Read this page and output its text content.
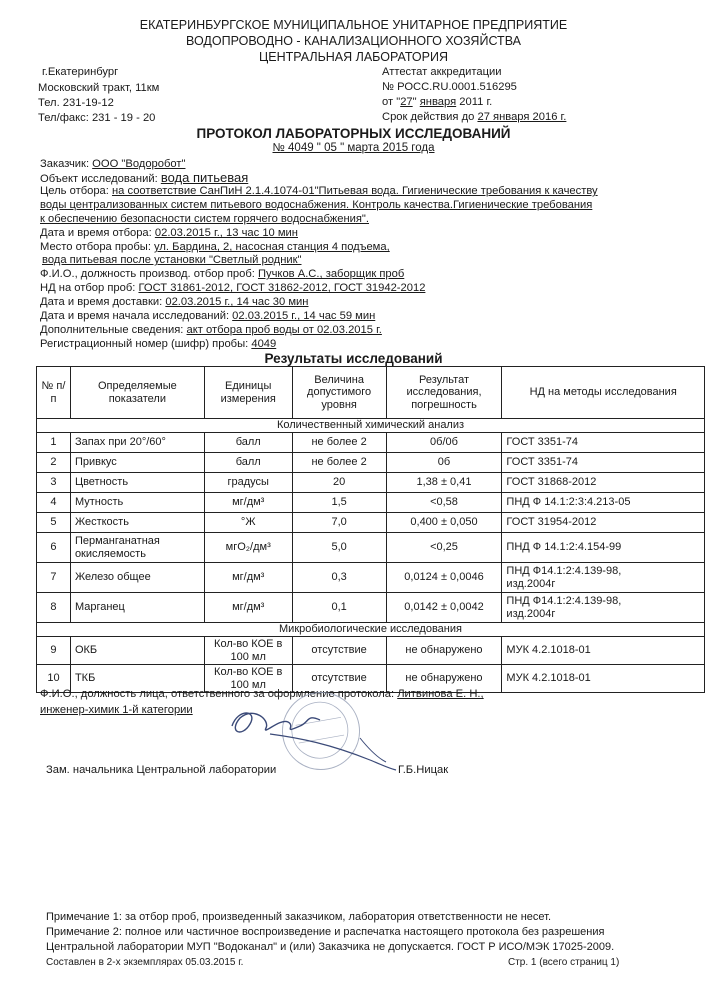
ЕКАТЕРИНБУРГСКОЕ МУНИЦИПАЛЬНОЕ УНИТАРНОЕ ПРЕДПРИЯТИЕ
ВОДОПРОВОДНО - КАНАЛИЗАЦИОННОГО ХОЗЯЙСТВА
ЦЕНТРАЛЬНАЯ ЛАБОРАТОРИЯ
г.Екатеринбург
Московский тракт, 11км
Тел. 231-19-12
Тел/факс: 231 - 19 - 20
Аттестат аккредитации
№ РОСС.RU.0001.516295
от "27" января 2011 г.
Срок действия до 27 января 2016 г.
ПРОТОКОЛ ЛАБОРАТОРНЫХ ИССЛЕДОВАНИЙ
№ 4049 " 05 " марта 2015 года
Заказчик: ООО "Водоробот"
Объект исследований: вода питьевая
Цель отбора: на соответствие СанПиН 2.1.4.1074-01"Питьевая вода. Гигиенические требования к качеству
воды централизованных систем питьевого водоснабжения. Контроль качества.Гигиенические требования
к обеспечению безопасности систем горячего водоснабжения".
Дата и время отбора: 02.03.2015 г., 13 час 10 мин
Место отбора пробы: ул. Бардина, 2, насосная станция 4 подъема,
вода питьевая после установки "Светлый родник"
Ф.И.О., должность производ. отбор проб: Пучков А.С., заборщик проб
НД на отбор проб: ГОСТ 31861-2012, ГОСТ 31862-2012, ГОСТ 31942-2012
Дата и время доставки: 02.03.2015 г., 14 час 30 мин
Дата и время начала исследований: 02.03.2015 г., 14 час 59 мин
Дополнительные сведения: акт отбора проб воды от 02.03.2015 г.
Регистрационный номер (шифр) пробы: 4049
Результаты исследований
№ п/п	Определяемые показатели	Единицы измерения	Величина допустимого уровня	Результат исследования, погрешность	НД на методы исследования
Количественный химический анализ					
1	Запах при 20°/60°	балл	не более 2	0б/0б	ГОСТ 3351-74
2	Привкус	балл	не более 2	0б	ГОСТ 3351-74
3	Цветность	градусы	20	1,38 ± 0,41	ГОСТ 31868-2012
4	Мутность	мг/дм³	1,5	<0,58	ПНД Ф 14.1:2:3:4.213-05
5	Жесткость	°Ж	7,0	0,400 ± 0,050	ГОСТ 31954-2012
6	Перманганатная
окисляемость	мгО₂/дм³	5,0	<0,25	ПНД Ф 14.1:2:4.154-99
7	Железо общее	мг/дм³	0,3	0,0124 ± 0,0046	ПНД Ф14.1:2:4.139-98,
изд.2004г

8	Марганец	мг/дм³	0,1	0,0142 ± 0,0042	ПНД Ф14.1:2:4.139-98,
изд.2004г

Микробиологические исследования					
9	ОКБ	Кол-во КОЕ в
100 мл	отсутствие	не обнаружено	МУК 4.2.1018-01
10	ТКБ	Кол-во КОЕ в
100 мл	отсутствие	не обнаружено	МУК 4.2.1018-01
Ф.И.О., должность лица, ответственного за оформление протокола: Литвинова Е. Н.,
инженер-химик 1-й категории
Зам. начальника Центральной лаборатории	Г.Б.Ницак
Примечание 1: за отбор проб, произведенный заказчиком, лаборатория ответственности не несет.
Примечание 2: полное или частичное воспроизведение и распечатка настоящего протокола без разрешения
Центральной лаборатории МУП "Водоканал" и (или) Заказчика не допускается. ГОСТ Р ИСО/МЭК 17025-2009.
Составлен в 2-х экземплярах 05.03.2015 г.	Стр. 1 (всего страниц 1)
